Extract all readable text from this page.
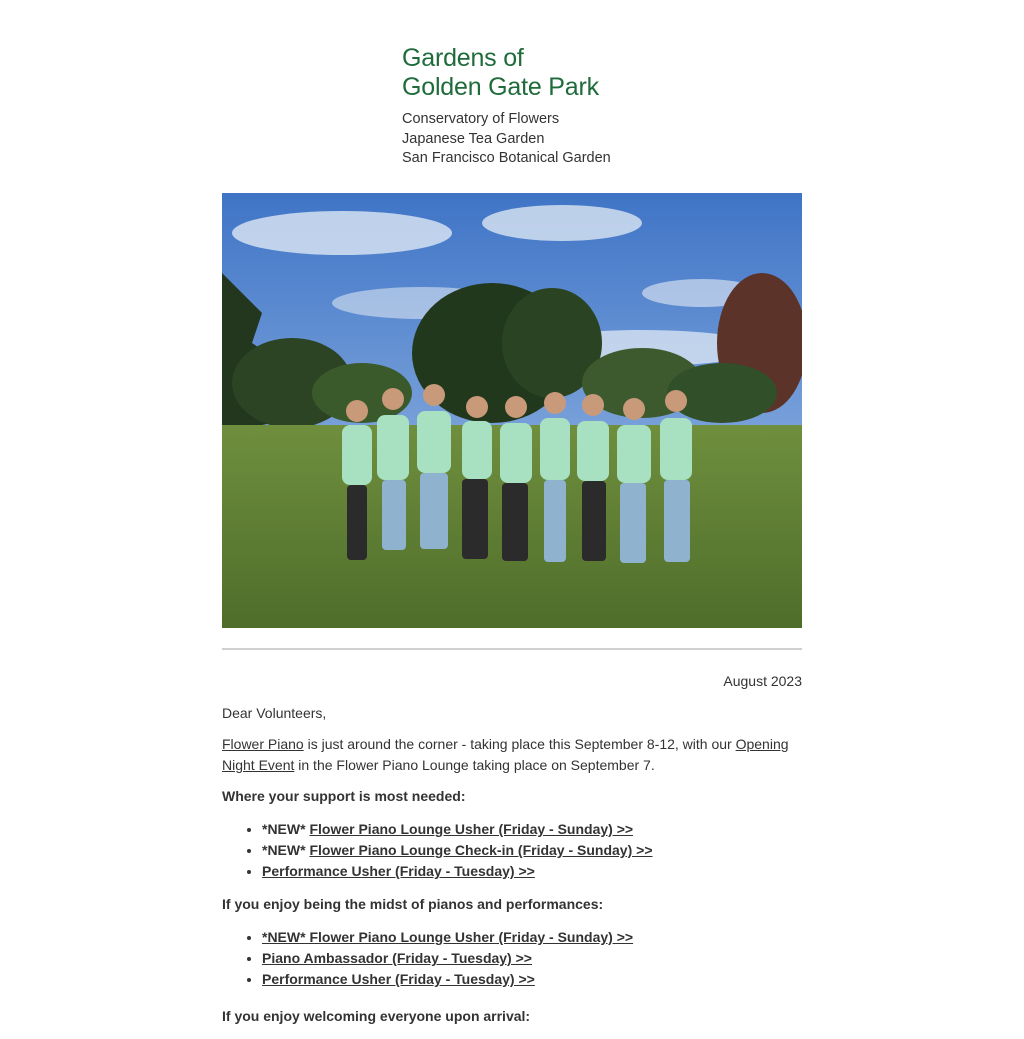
Gardens of
Golden Gate Park
Conservatory of Flowers
Japanese Tea Garden
San Francisco Botanical Garden
August 2023

Dear Volunteers,

Flower Piano is just around the corner - taking place this September 8-12, with our Opening Night Event in the Flower Piano Lounge taking place on September 7.

Where your support is most needed:

• *NEW* Flower Piano Lounge Usher (Friday - Sunday) >>
• *NEW* Flower Piano Lounge Check-in (Friday - Sunday) >>
• Performance Usher (Friday - Tuesday) >>

If you enjoy being the midst of pianos and performances:

• *NEW* Flower Piano Lounge Usher (Friday - Sunday) >>
• Piano Ambassador (Friday - Tuesday) >>
• Performance Usher (Friday - Tuesday) >>

If you enjoy welcoming everyone upon arrival:
